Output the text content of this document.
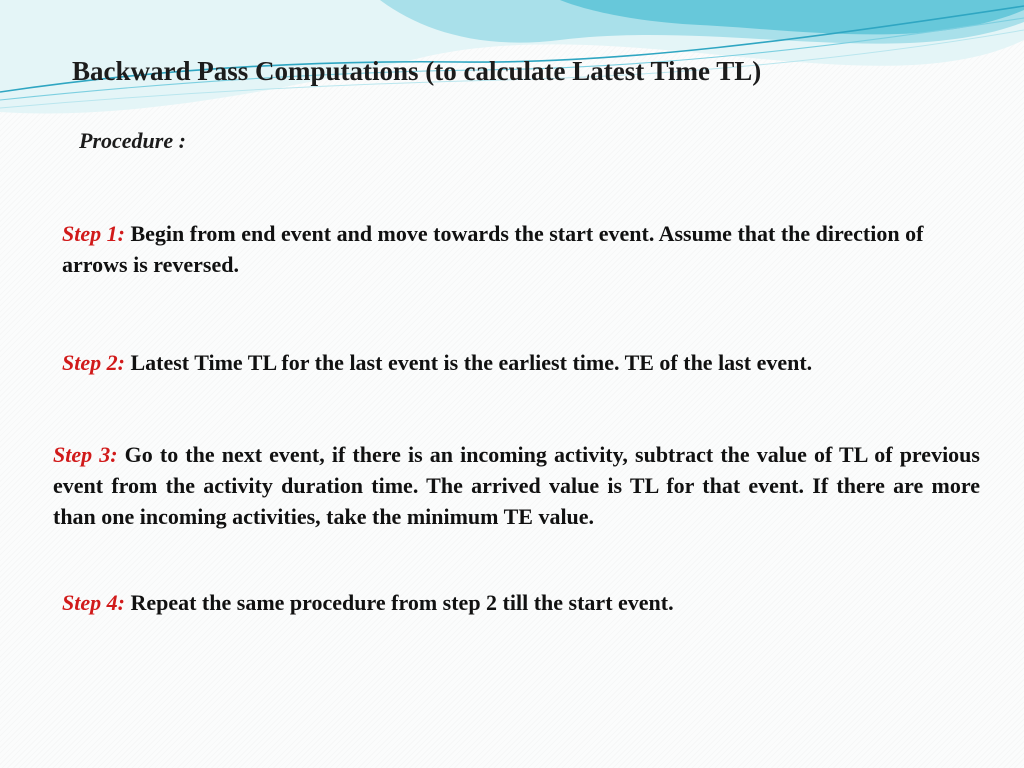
Backward Pass Computations (to calculate Latest Time TL)

Procedure :

Step 1: Begin from end event and move towards the start event. Assume that the direction of arrows is reversed.

Step 2: Latest Time TL for the last event is the earliest time. TE of the last event.

Step 3: Go to the next event, if there is an incoming activity, subtract the value of TL of previous event from the activity duration time. The arrived value is TL for that event. If there are more than one incoming activities, take the minimum TE value.

Step 4: Repeat the same procedure from step 2 till the start event.
